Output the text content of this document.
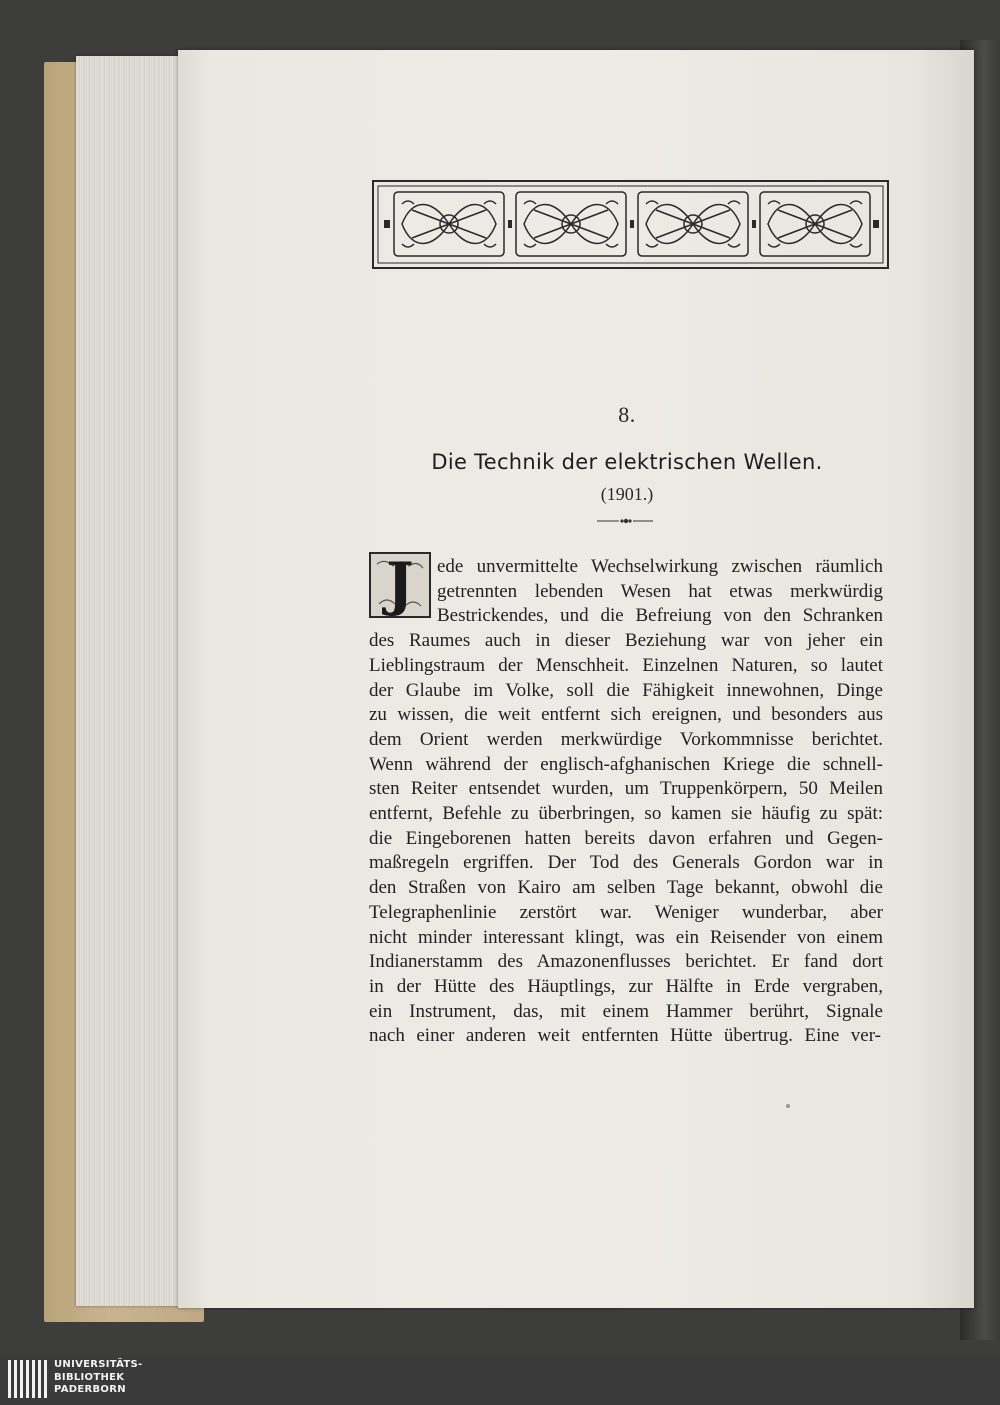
8.
Die Technik der elektrischen Wellen.
(1901.)
J	ede unvermittelte Wechselwirkung zwischen räumlich
getrennten lebenden Wesen hat etwas merkwürdig
Bestrickendes, und die Befreiung von den Schranken
des Raumes auch in dieser Beziehung war von jeher ein
Lieblingstraum der Menschheit. Einzelnen Naturen, so lautet
der Glaube im Volke, soll die Fähigkeit innewohnen, Dinge
zu wissen, die weit entfernt sich ereignen, und besonders aus
dem Orient werden merkwürdige Vorkommnisse berichtet.
Wenn während der englisch-afghanischen Kriege die schnell-
sten Reiter entsendet wurden, um Truppenkörpern, 50 Meilen
entfernt, Befehle zu überbringen, so kamen sie häufig zu spät:
die Eingeborenen hatten bereits davon erfahren und Gegen-
maßregeln ergriffen. Der Tod des Generals Gordon war in
den Straßen von Kairo am selben Tage bekannt, obwohl die
Telegraphenlinie zerstört war. Weniger wunderbar, aber
nicht minder interessant klingt, was ein Reisender von einem
Indianerstamm des Amazonenflusses berichtet. Er fand dort
in der Hütte des Häuptlings, zur Hälfte in Erde vergraben,
ein Instrument, das, mit einem Hammer berührt, Signale
nach einer anderen weit entfernten Hütte übertrug. Eine ver-
UNIVERSITÄTS-
BIBLIOTHEK
PADERBORN
